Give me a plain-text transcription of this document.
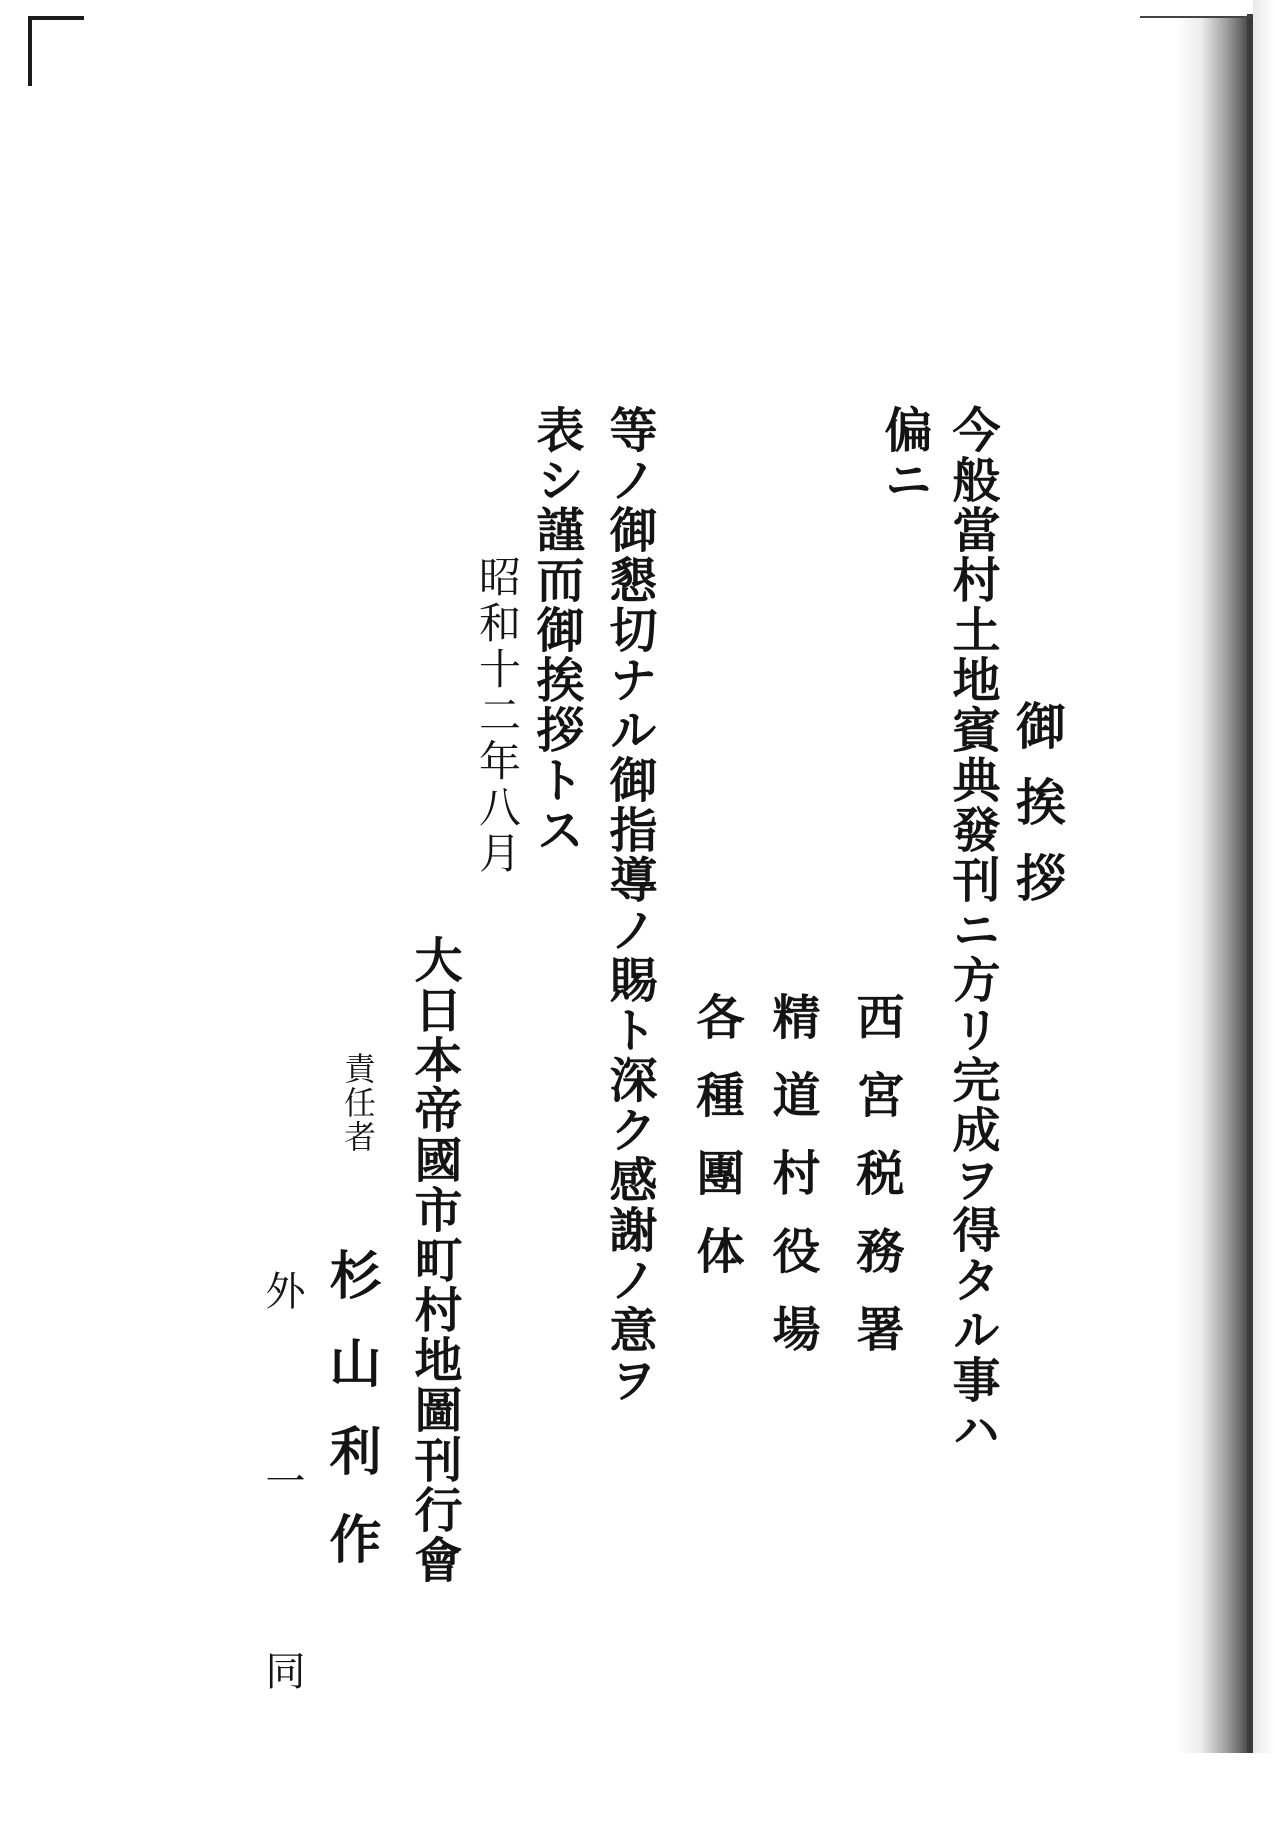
御挨拶
今般當村土地賓典發刊ニ方リ完成ヲ得タル事ハ
偏ニ
西宮税務署
精道村役場
各種團体
等ノ御懇切ナル御指導ノ賜ト深ク感謝ノ意ヲ
表シ謹而御挨拶トス
昭和十二年八月
大日本帝國市町村地圖刊行會
責任者
杉山利作
外一同
